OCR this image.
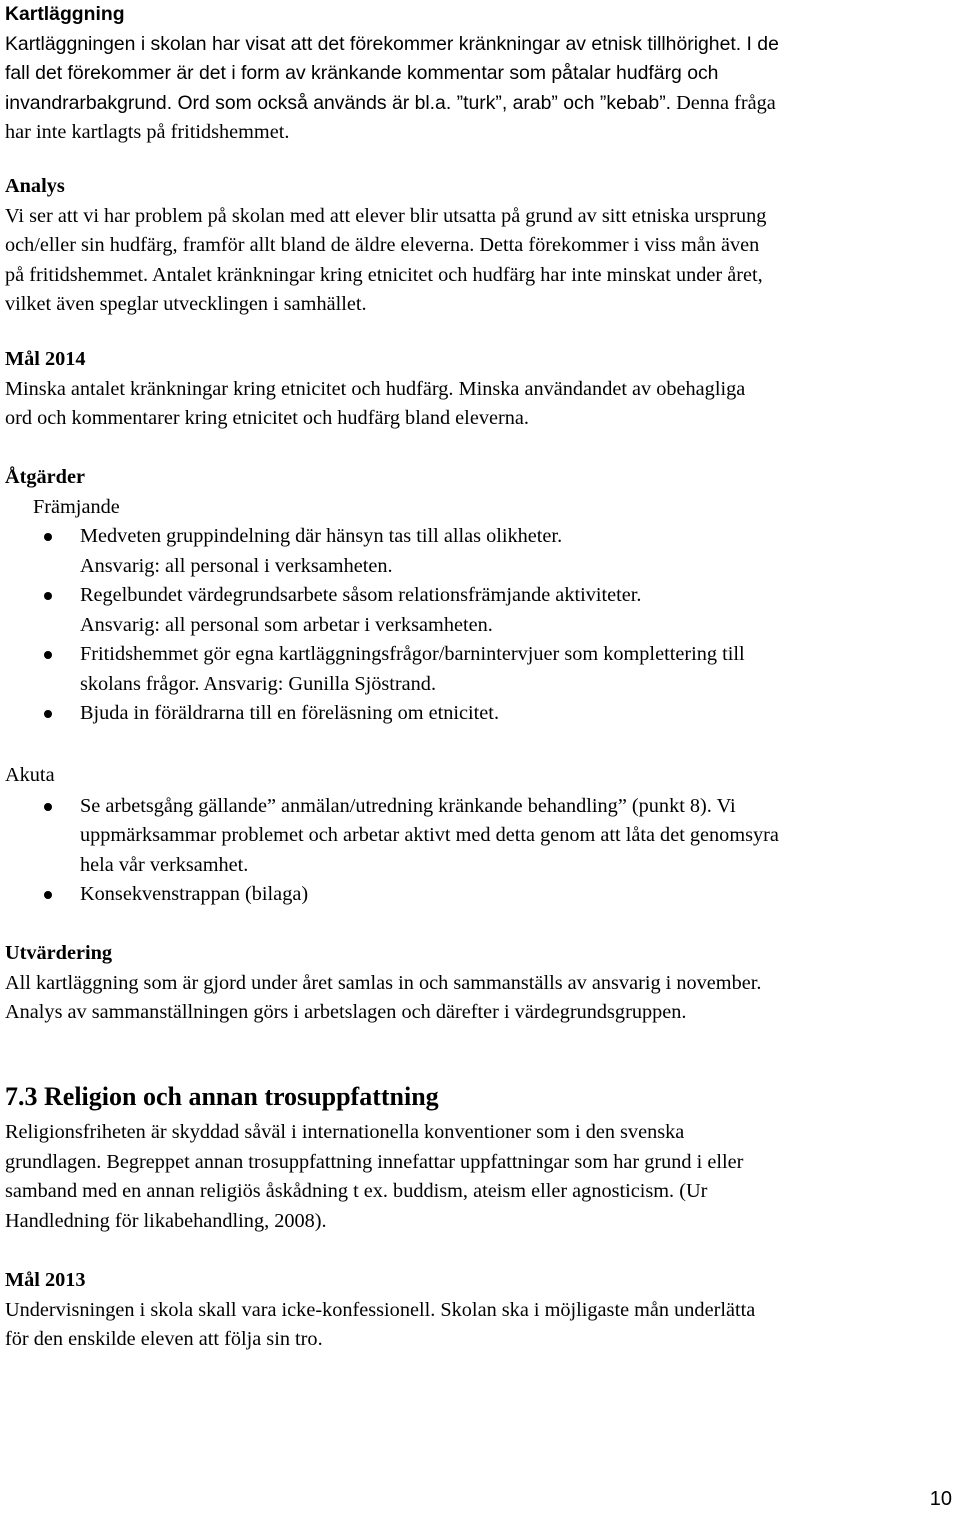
Kartläggning

Kartläggningen i skolan har visat att det förekommer kränkningar av etnisk tillhörighet. I de

fall det förekommer är det i form av kränkande kommentar som påtalar hudfärg och

invandrarbakgrund. Ord som också används är bl.a. ”turk”, arab” och ”kebab”. Denna fråga

har inte kartlagts på fritidshemmet.

Analys

Vi ser att vi har problem på skolan med att elever blir utsatta på grund av sitt etniska ursprung

och/eller sin hudfärg, framför allt bland de äldre eleverna. Detta förekommer i viss mån även

på fritidshemmet. Antalet kränkningar kring etnicitet och hudfärg har inte minskat under året,

vilket även speglar utvecklingen i samhället.

Mål 2014

Minska antalet kränkningar kring etnicitet och hudfärg. Minska användandet av obehagliga

ord och kommentarer kring etnicitet och hudfärg bland eleverna.

Åtgärder

Främjande

Medveten gruppindelning där hänsyn tas till allas olikheter.

Ansvarig: all personal i verksamheten.

Regelbundet värdegrundsarbete såsom relationsfrämjande aktiviteter.

Ansvarig: all personal som arbetar i verksamheten.

Fritidshemmet gör egna kartläggningsfrågor/barnintervjuer som komplettering till

skolans frågor. Ansvarig: Gunilla Sjöstrand.

Bjuda in föräldrarna till en föreläsning om etnicitet.

Akuta

Se arbetsgång gällande” anmälan/utredning kränkande behandling” (punkt 8). Vi

uppmärksammar problemet och arbetar aktivt med detta genom att låta det genomsyra

hela vår verksamhet.

Konsekvenstrappan (bilaga)

Utvärdering

All kartläggning som är gjord under året samlas in och sammanställs av ansvarig i november.

Analys av sammanställningen görs i arbetslagen och därefter i värdegrundsgruppen.

7.3 Religion och annan trosuppfattning

Religionsfriheten är skyddad såväl i internationella konventioner som i den svenska

grundlagen. Begreppet annan trosuppfattning innefattar uppfattningar som har grund i eller

samband med en annan religiös åskådning t ex. buddism, ateism eller agnosticism. (Ur

Handledning för likabehandling, 2008).

Mål 2013

Undervisningen i skola skall vara icke-konfessionell. Skolan ska i möjligaste mån underlätta

för den enskilde eleven att följa sin tro.

10
